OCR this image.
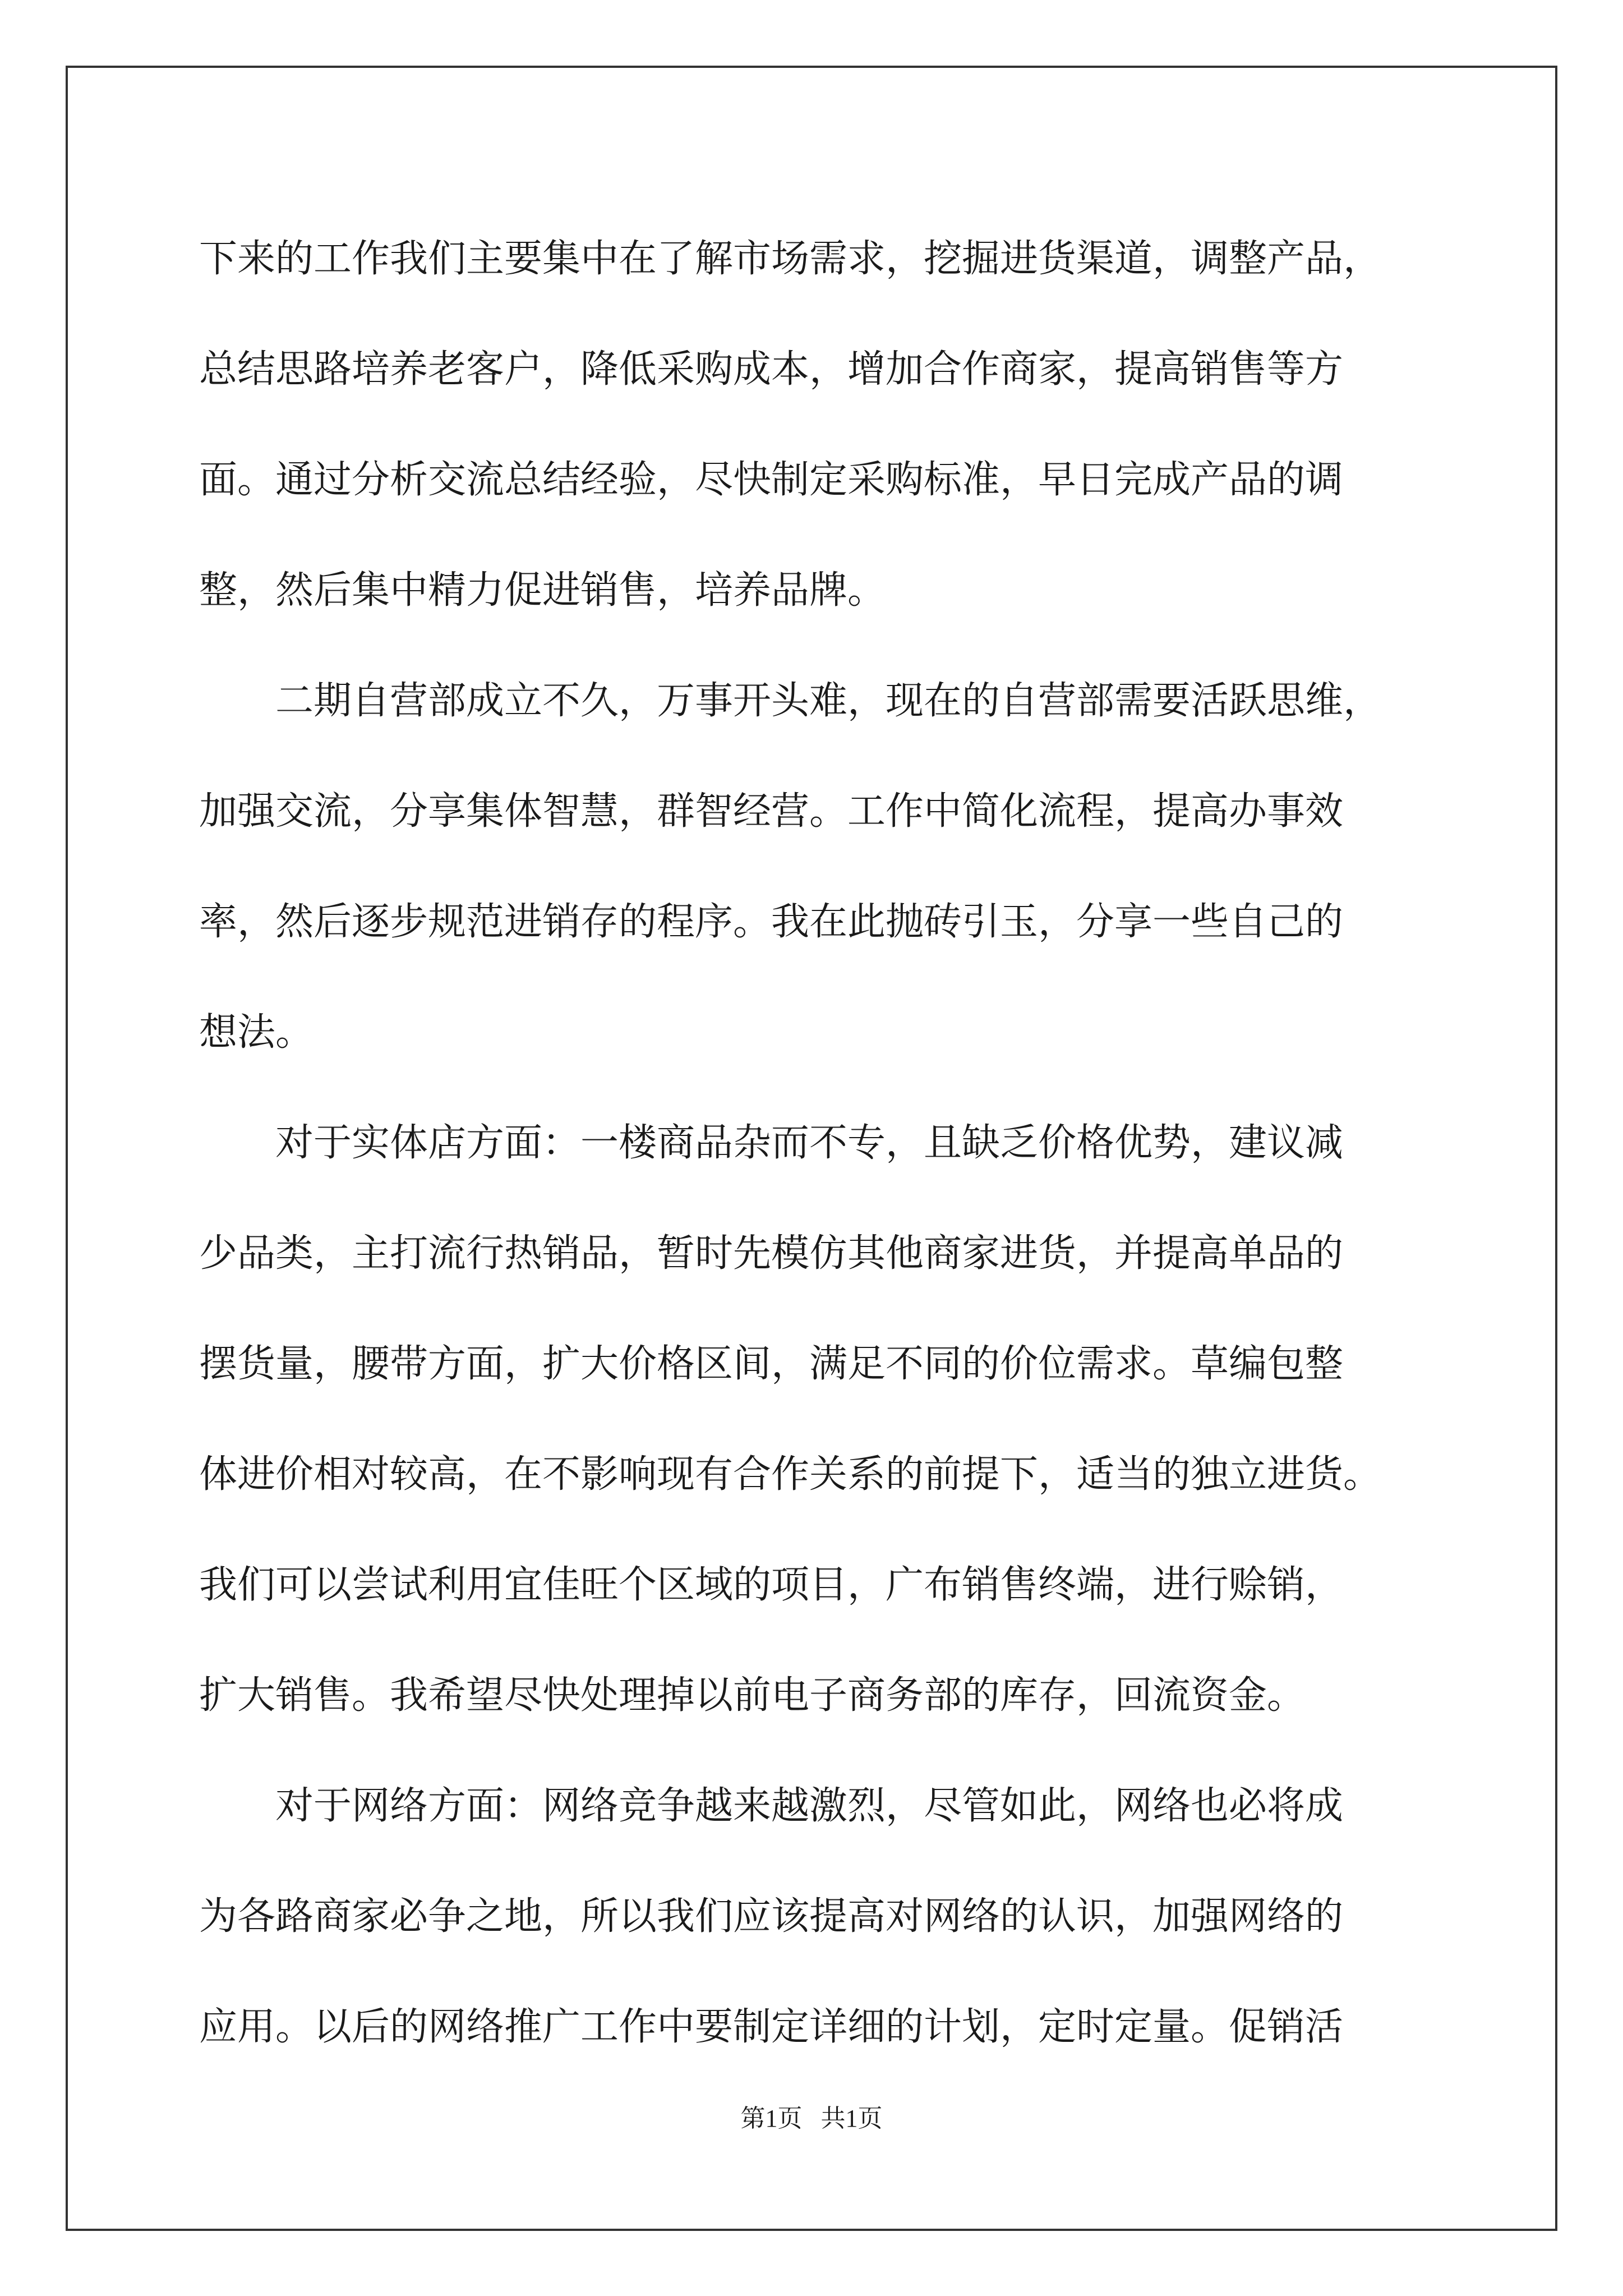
下来的工作我们主要集中在了解市场需求，挖掘进货渠道，调整产品，
总结思路培养老客户，降低采购成本，增加合作商家，提高销售等方
面。通过分析交流总结经验，尽快制定采购标准，早日完成产品的调
整，然后集中精力促进销售，培养品牌。
　　二期自营部成立不久，万事开头难，现在的自营部需要活跃思维，
加强交流，分享集体智慧，群智经营。工作中简化流程，提高办事效
率，然后逐步规范进销存的程序。我在此抛砖引玉，分享一些自己的
想法。
　　对于实体店方面：一楼商品杂而不专，且缺乏价格优势，建议减
少品类，主打流行热销品，暂时先模仿其他商家进货，并提高单品的
摆货量，腰带方面，扩大价格区间，满足不同的价位需求。草编包整
体进价相对较高，在不影响现有合作关系的前提下，适当的独立进货。
我们可以尝试利用宜佳旺个区域的项目，广布销售终端，进行赊销，
扩大销售。我希望尽快处理掉以前电子商务部的库存，回流资金。
　　对于网络方面：网络竞争越来越激烈，尽管如此，网络也必将成
为各路商家必争之地，所以我们应该提高对网络的认识，加强网络的
应用。以后的网络推广工作中要制定详细的计划，定时定量。促销活
第1页   共1页
